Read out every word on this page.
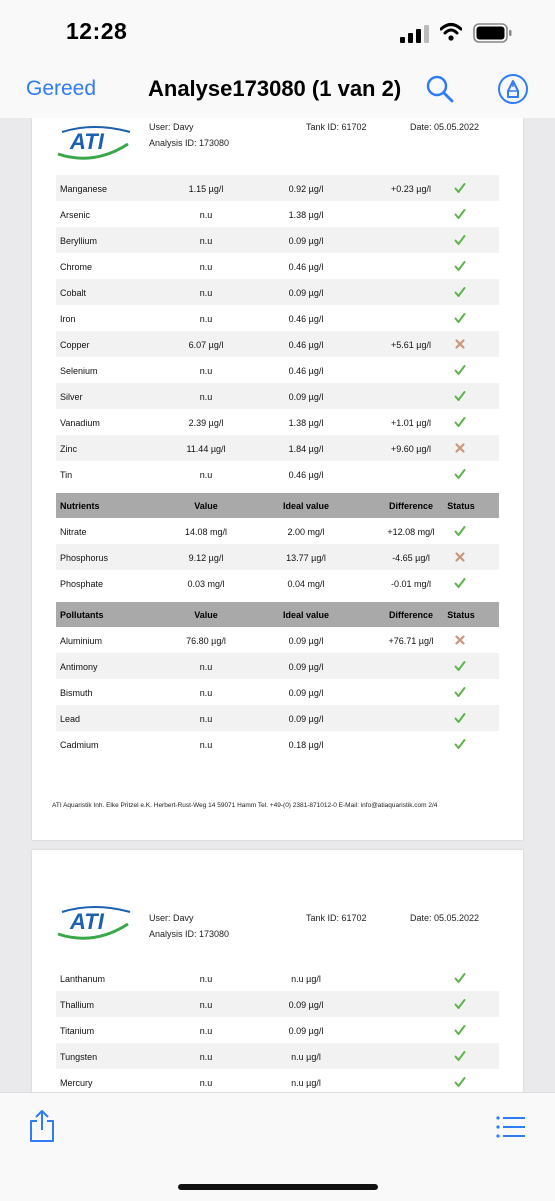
12:28
Gereed Analyse173080 (1 van 2)
ATI
User: Davy
Analysis ID: 173080
Tank ID: 61702	Date: 05.05.2022
Manganese	1.15 µg/l	0.92 µg/l	+0.23 µg/l
Arsenic	n.u	1.38 µg/l
Beryllium	n.u	0.09 µg/l
Chrome	n.u	0.46 µg/l
Cobalt	n.u	0.09 µg/l
Iron	n.u	0.46 µg/l
Copper	6.07 µg/l	0.46 µg/l	+5.61 µg/l
Selenium	n.u	0.46 µg/l
Silver	n.u	0.09 µg/l
Vanadium	2.39 µg/l	1.38 µg/l	+1.01 µg/l
Zinc	11.44 µg/l	1.84 µg/l	+9.60 µg/l
Tin	n.u	0.46 µg/l
Nutrients	Value	Ideal value	Difference	Status
Nitrate	14.08 mg/l	2.00 mg/l	+12.08 mg/l
Phosphorus	9.12 µg/l	13.77 µg/l	-4.65 µg/l
Phosphate	0.03 mg/l	0.04 mg/l	-0.01 mg/l
Pollutants	Value	Ideal value	Difference	Status
Aluminium	76.80 µg/l	0.09 µg/l	+76.71 µg/l
Antimony	n.u	0.09 µg/l
Bismuth	n.u	0.09 µg/l
Lead	n.u	0.09 µg/l
Cadmium	n.u	0.18 µg/l
ATI Aquaristik Inh. Elke Pritzel e.K. Herbert-Rust-Weg 14 59071 Hamm Tel. +49-(0) 2381-871012-0 E-Mail: info@atiaquaristik.com 2/4
ATI	User: Davy
Analysis ID: 173080
Tank ID: 61702	Date: 05.05.2022
Lanthanum	n.u	n.u µg/l
Thallium	n.u	0.09 µg/l
Titanium	n.u	0.09 µg/l
Tungsten	n.u	n.u µg/l
Mercury	n.u	n.u µg/l
